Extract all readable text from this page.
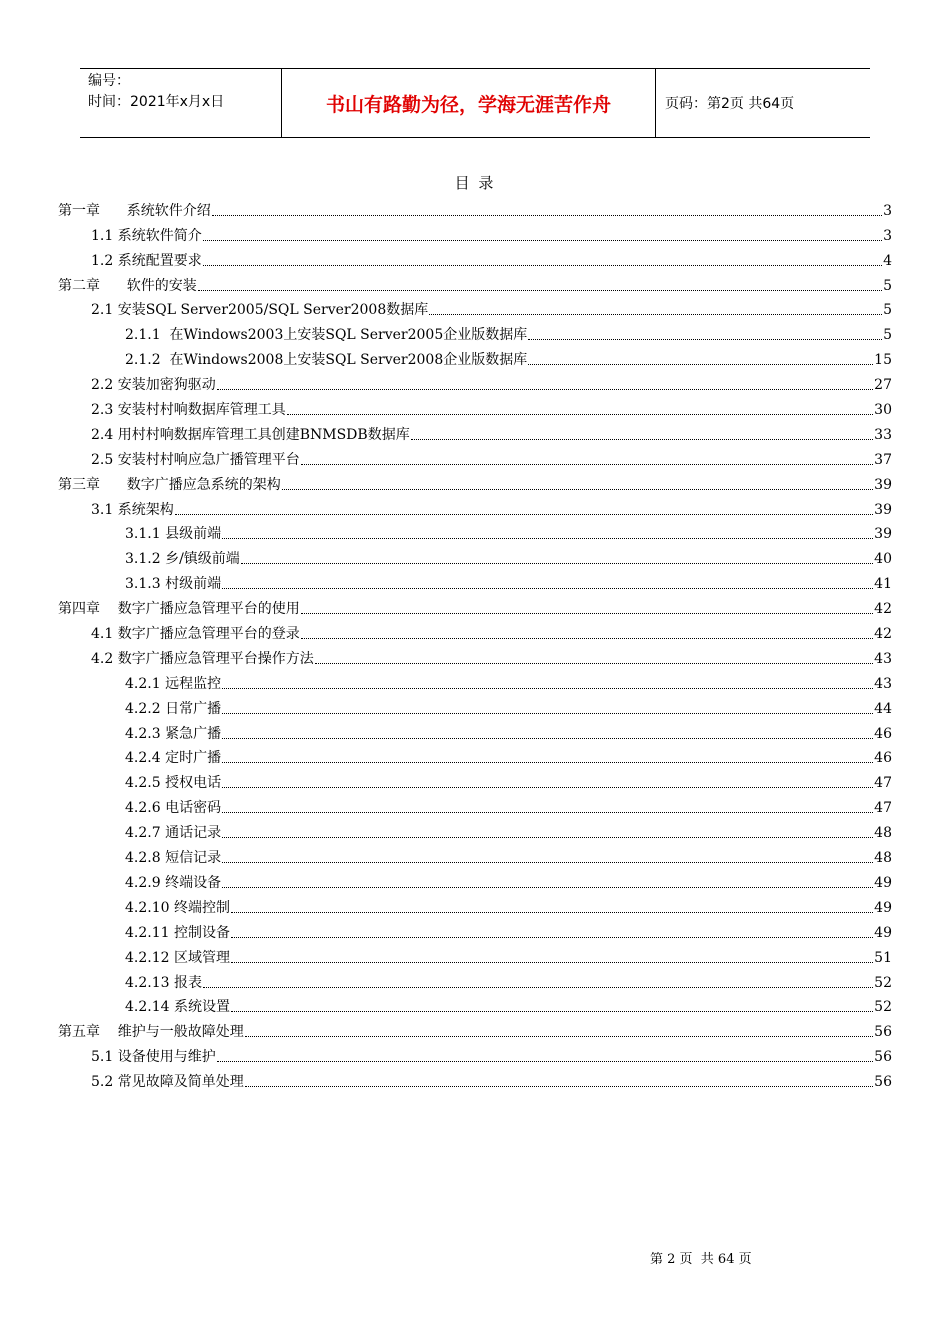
编号：
时间：2021年x月x日	书山有路勤为径，学海无涯苦作舟	页码：第2页 共64页
目 录
第一章      系统软件介绍	3
1.1 系统软件简介	3
1.2 系统配置要求	4
第二章      软件的安装	5
2.1 安装SQL Server2005/SQL Server2008数据库	5
2.1.1  在Windows2003上安装SQL Server2005企业版数据库	5
2.1.2  在Windows2008上安装SQL Server2008企业版数据库	15
2.2 安装加密狗驱动	27
2.3 安装村村响数据库管理工具	30
2.4 用村村响数据库管理工具创建BNMSDB数据库	33
2.5 安装村村响应急广播管理平台	37
第三章      数字广播应急系统的架构	39
3.1 系统架构	39
3.1.1 县级前端	39
3.1.2 乡/镇级前端	40
3.1.3 村级前端	41
第四章    数字广播应急管理平台的使用	42
4.1 数字广播应急管理平台的登录	42
4.2 数字广播应急管理平台操作方法	43
4.2.1 远程监控	43
4.2.2 日常广播	44
4.2.3 紧急广播	46
4.2.4 定时广播	46
4.2.5 授权电话	47
4.2.6 电话密码	47
4.2.7 通话记录	48
4.2.8 短信记录	48
4.2.9 终端设备	49
4.2.10 终端控制	49
4.2.11 控制设备	49
4.2.12 区域管理	51
4.2.13 报表	52
4.2.14 系统设置	52
第五章    维护与一般故障处理	56
5.1 设备使用与维护	56
5.2 常见故障及简单处理	56
第 2 页  共 64 页
